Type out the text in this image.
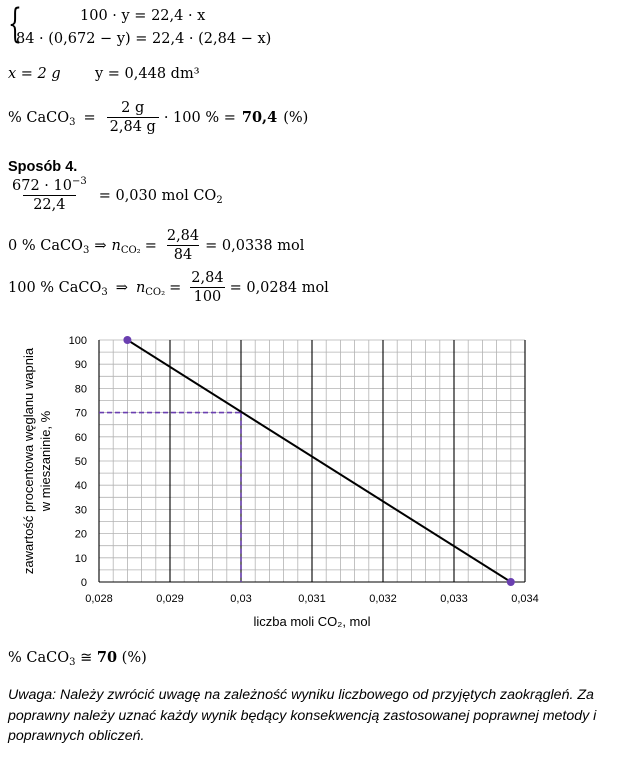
{	100 · y = 22,4 · x
84 · (0,672 − y) = 22,4 · (2,84 − x)
x = 2 g y = 0,448 dm³
% CaCO$_3$ = $\frac{2 g}{2,84 g} \cdot 100$ % = 70,4 (%)
Sposób 4.
$\frac{672 \cdot 10^{-3}}{22,4} = 0,030$ mol $CO_2$
0 % CaCO$_3$ ⇒ $n_{CO_2} = \frac{2,84}{84} = 0,0338$ mol
100 % CaCO$_3$ ⇒ $n_{CO_2} = \frac{2,84}{100} = 0,0284$ mol
0
10
20
30
40
50
60
70
80
90
100
0,028	0,029	0,03	0,031	0,032	0,033	0,034
zawartość procentowa węglanu wapnia w mieszaninie, %
liczba moli CO₂, mol
% CaCO$_3$ ≅ 70 (%)
Uwaga: Należy zwrócić uwagę na zależność wyniku liczbowego od przyjętych zaokrągleń. Za poprawny należy uznać każdy wynik będący konsekwencją zastosowanej poprawnej metody i poprawnych obliczeń.
